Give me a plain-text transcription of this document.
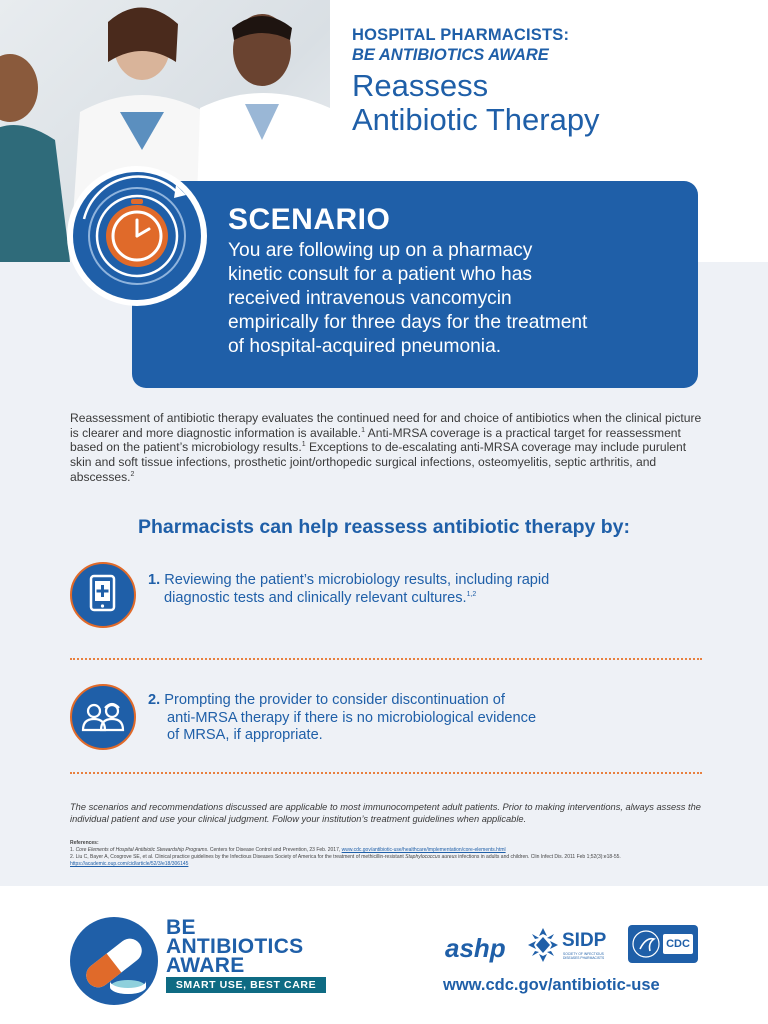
HOSPITAL PHARMACISTS:
BE ANTIBIOTICS AWARE
Reassess
Antibiotic Therapy
SCENARIO

You are following up on a pharmacy
kinetic consult for a patient who has
received intravenous vancomycin
empirically for three days for the treatment
of hospital-acquired pneumonia.

Reassessment of antibiotic therapy evaluates the continued need for and choice of antibiotics when the clinical picture is clearer and more diagnostic information is available.$^1$ Anti-MRSA coverage is a practical target for reassessment based on the patient’s microbiology results.$^1$ Exceptions to de-escalating anti-MRSA coverage may include purulent skin and soft tissue infections, prosthetic joint/orthopedic surgical infections, osteomyelitis, septic arthritis, and abscesses.$^2$
Pharmacists can help reassess antibiotic therapy by:
1. Reviewing the patient’s microbiology results, including rapid
diagnostic tests and clinically relevant cultures.$^{1,2}$
2. Prompting the provider to consider discontinuation of
anti-MRSA therapy if there is no microbiological evidence
of MRSA, if appropriate.
The scenarios and recommendations discussed are applicable to most immunocompetent adult patients. Prior to making interventions, always assess the individual patient and use your clinical judgment. Follow your institution’s treatment guidelines when applicable.
References:
1. Core Elements of Hospital Antibiotic Stewardship Programs. Centers for Disease Control and Prevention, 23 Feb. 2017, www.cdc.gov/antibiotic-use/healthcare/implementation/core-elements.html
2. Liu C, Bayer A, Cosgrove SE, et al. Clinical practice guidelines by the Infectious Diseases Society of America for the treatment of methicillin-resistant Staphylococcus aureus infections in adults and children. Clin Infect Dis. 2011 Feb 1;52(3):e18-55.
https://academic.oup.com/cid/article/52/3/e18/306145
BE
ANTIBIOTICS
AWARE
SMART USE, BEST CARE
ashp	SIDP
SOCIETY OF INFECTIOUS DISEASES PHARMACISTS
CDC
www.cdc.gov/antibiotic-use
